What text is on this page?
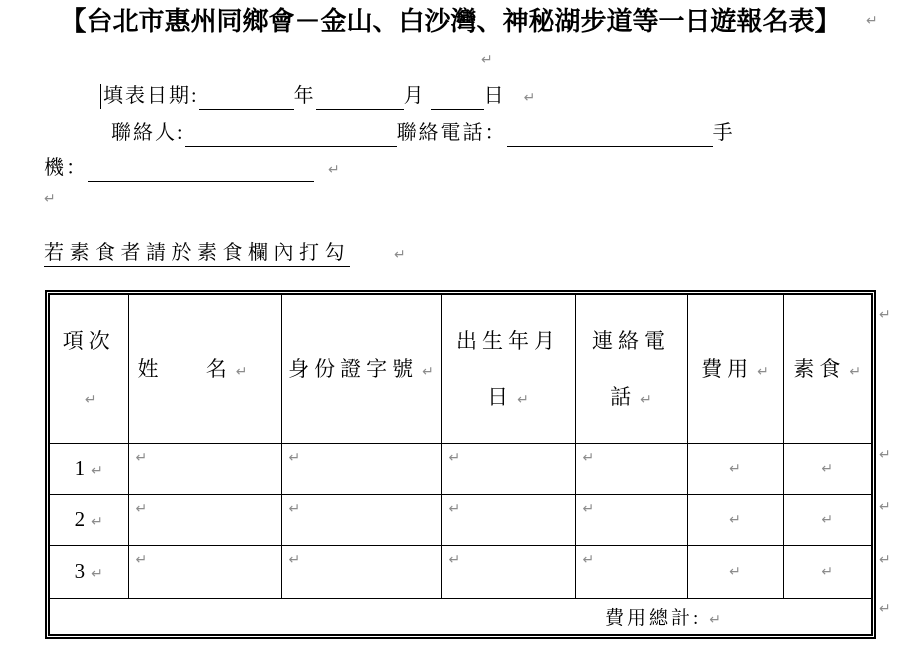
【台北市惠州同鄉會－金山、白沙灣、神秘湖步道等一日遊報名表】	↵
↵
填表日期:	年	月	日 ↵
聯絡人:	聯絡電話：	手
機：	↵
↵
若素食者請於素食欄內打勾	↵
項次↵	姓 名 ↵	身份證字號 ↵	出生年月日 ↵	連絡電話 ↵	費用 ↵	素食 ↵
1 ↵	↵	↵	↵	↵	↵	↵
2 ↵	↵	↵	↵	↵	↵	↵
3 ↵	↵	↵	↵	↵	↵	↵
費用總計: ↵						
↵
↵
↵
↵
↵
